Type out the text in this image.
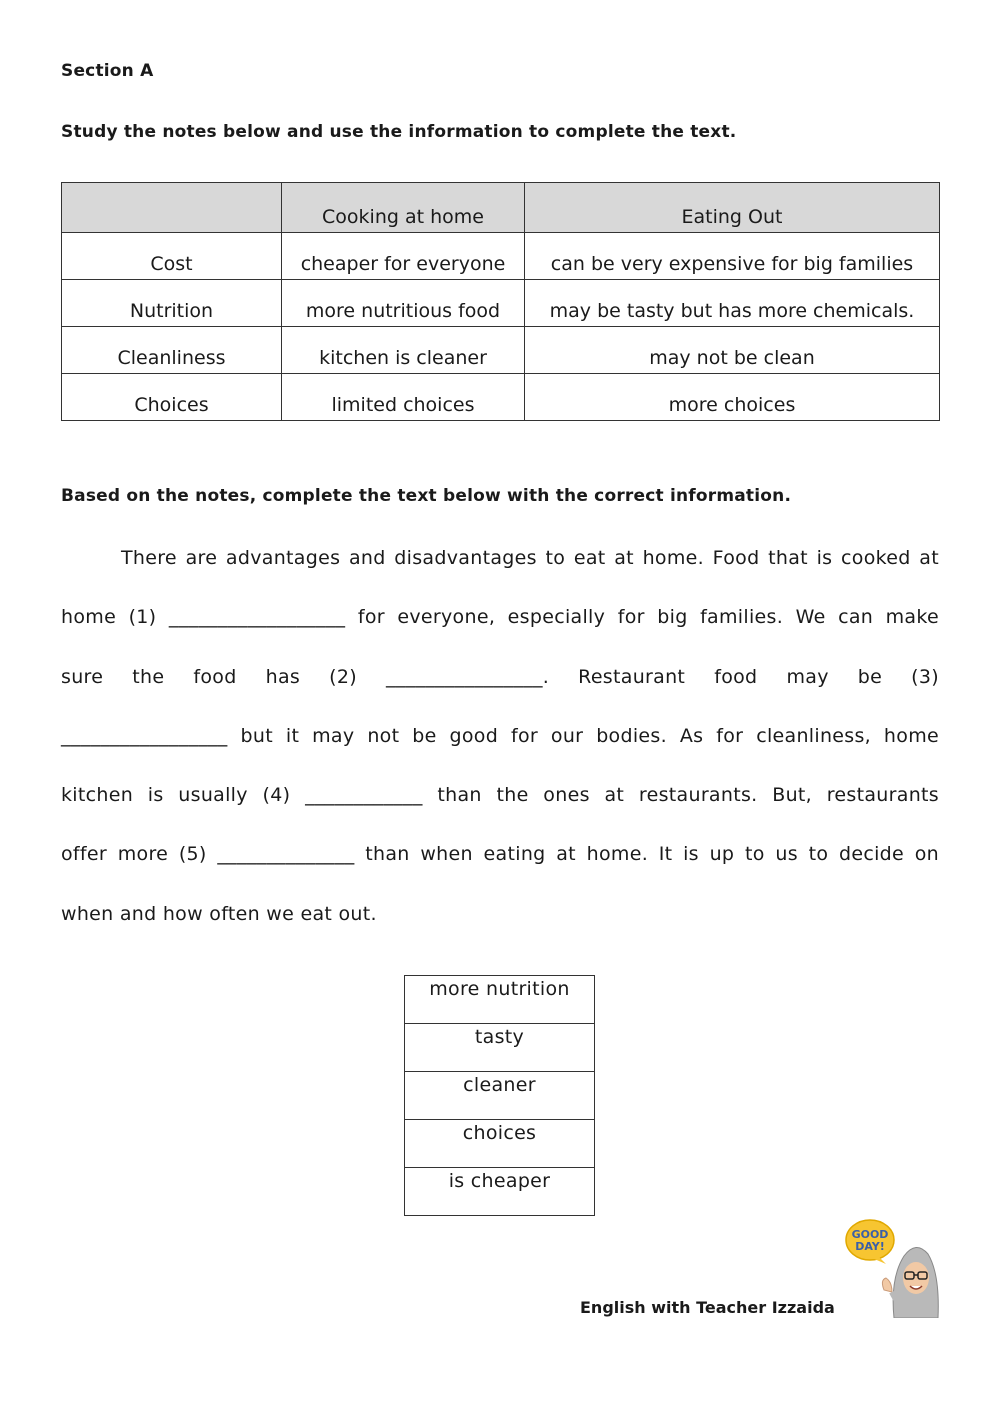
Section A
Study the notes below and use the information to complete the text.
	Cooking at home	Eating Out
Cost	cheaper for everyone	can be very expensive for big families
Nutrition	more nutritious food	may be tasty but has more chemicals.
Cleanliness	kitchen is cleaner	may not be clean
Choices	limited choices	more choices
Based on the notes, complete the text below with the correct information.
There are advantages and disadvantages to eat at home. Food that is cooked at
home (1) __________________ for everyone, especially for big families. We can make
sure the food has (2) ________________. Restaurant food may be (3)
_________________ but it may not be good for our bodies. As for cleanliness, home
kitchen is usually (4) ____________ than the ones at restaurants. But, restaurants
offer more (5) ______________ than when eating at home. It is up to us to decide on
when and how often we eat out.
more nutrition
tasty
cleaner
choices
is cheaper
English with Teacher Izzaida
GOOD
DAY!
